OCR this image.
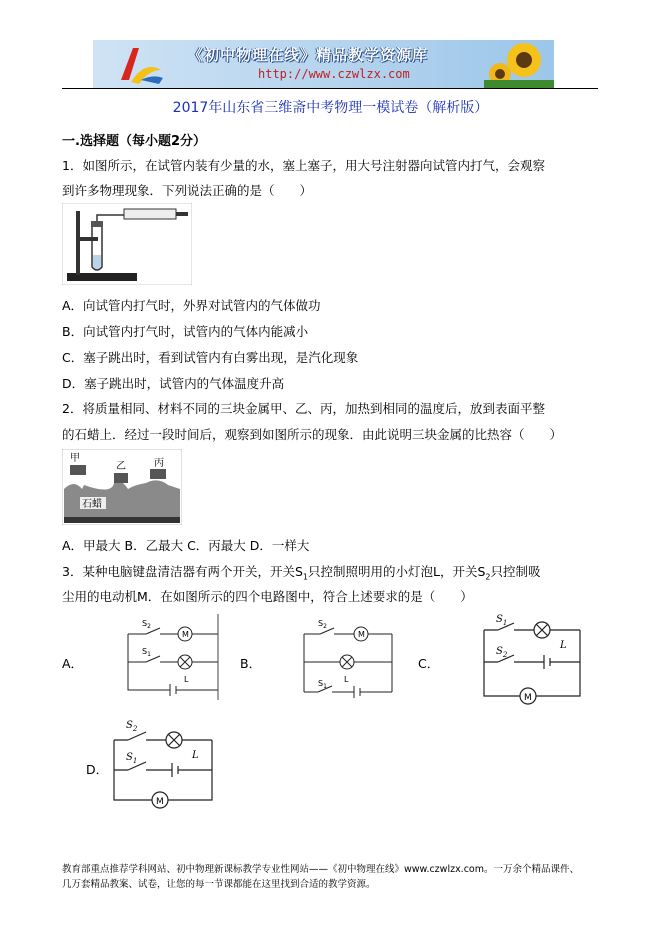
《初中物理在线》精品教学资源库
http://www.czwlzx.com
2017年山东省三维斋中考物理一模试卷（解析版）
一.选择题（每小题2分）
1．如图所示，在试管内装有少量的水，塞上塞子，用大号注射器向试管内打气，会观察
到许多物理现象．下列说法正确的是（　　）
A．向试管内打气时，外界对试管内的气体做功
B．向试管内打气时，试管内的气体内能减小
C．塞子跳出时，看到试管内有白雾出现，是汽化现象
D．塞子跳出时，试管内的气体温度升高
2．将质量相同、材料不同的三块金属甲、乙、丙，加热到相同的温度后，放到表面平整
的石蜡上．经过一段时间后，观察到如图所示的现象．由此说明三块金属的比热容（　　）
甲
乙	丙
石蜡
A．甲最大 B．乙最大 C．丙最大 D．一样大
3．某种电脑键盘清洁器有两个开关，开关$S_1$只控制照明用的小灯泡L，开关$S_2$只控制吸
尘用的电动机M．在如图所示的四个电路图中，符合上述要求的是（　　）
A．
$S_2$
$S_1$
M
L
B．
$S_2$
M
L
$S_1$
C．
$S_1$
L
$S_2$
M
D．
$S_2$
L
$S_1$
M
教育部重点推荐学科网站、初中物理新课标教学专业性网站——《初中物理在线》www.czwlzx.com。一万余个精品课件、
几万套精品教案、试卷，让您的每一节课都能在这里找到合适的教学资源。
